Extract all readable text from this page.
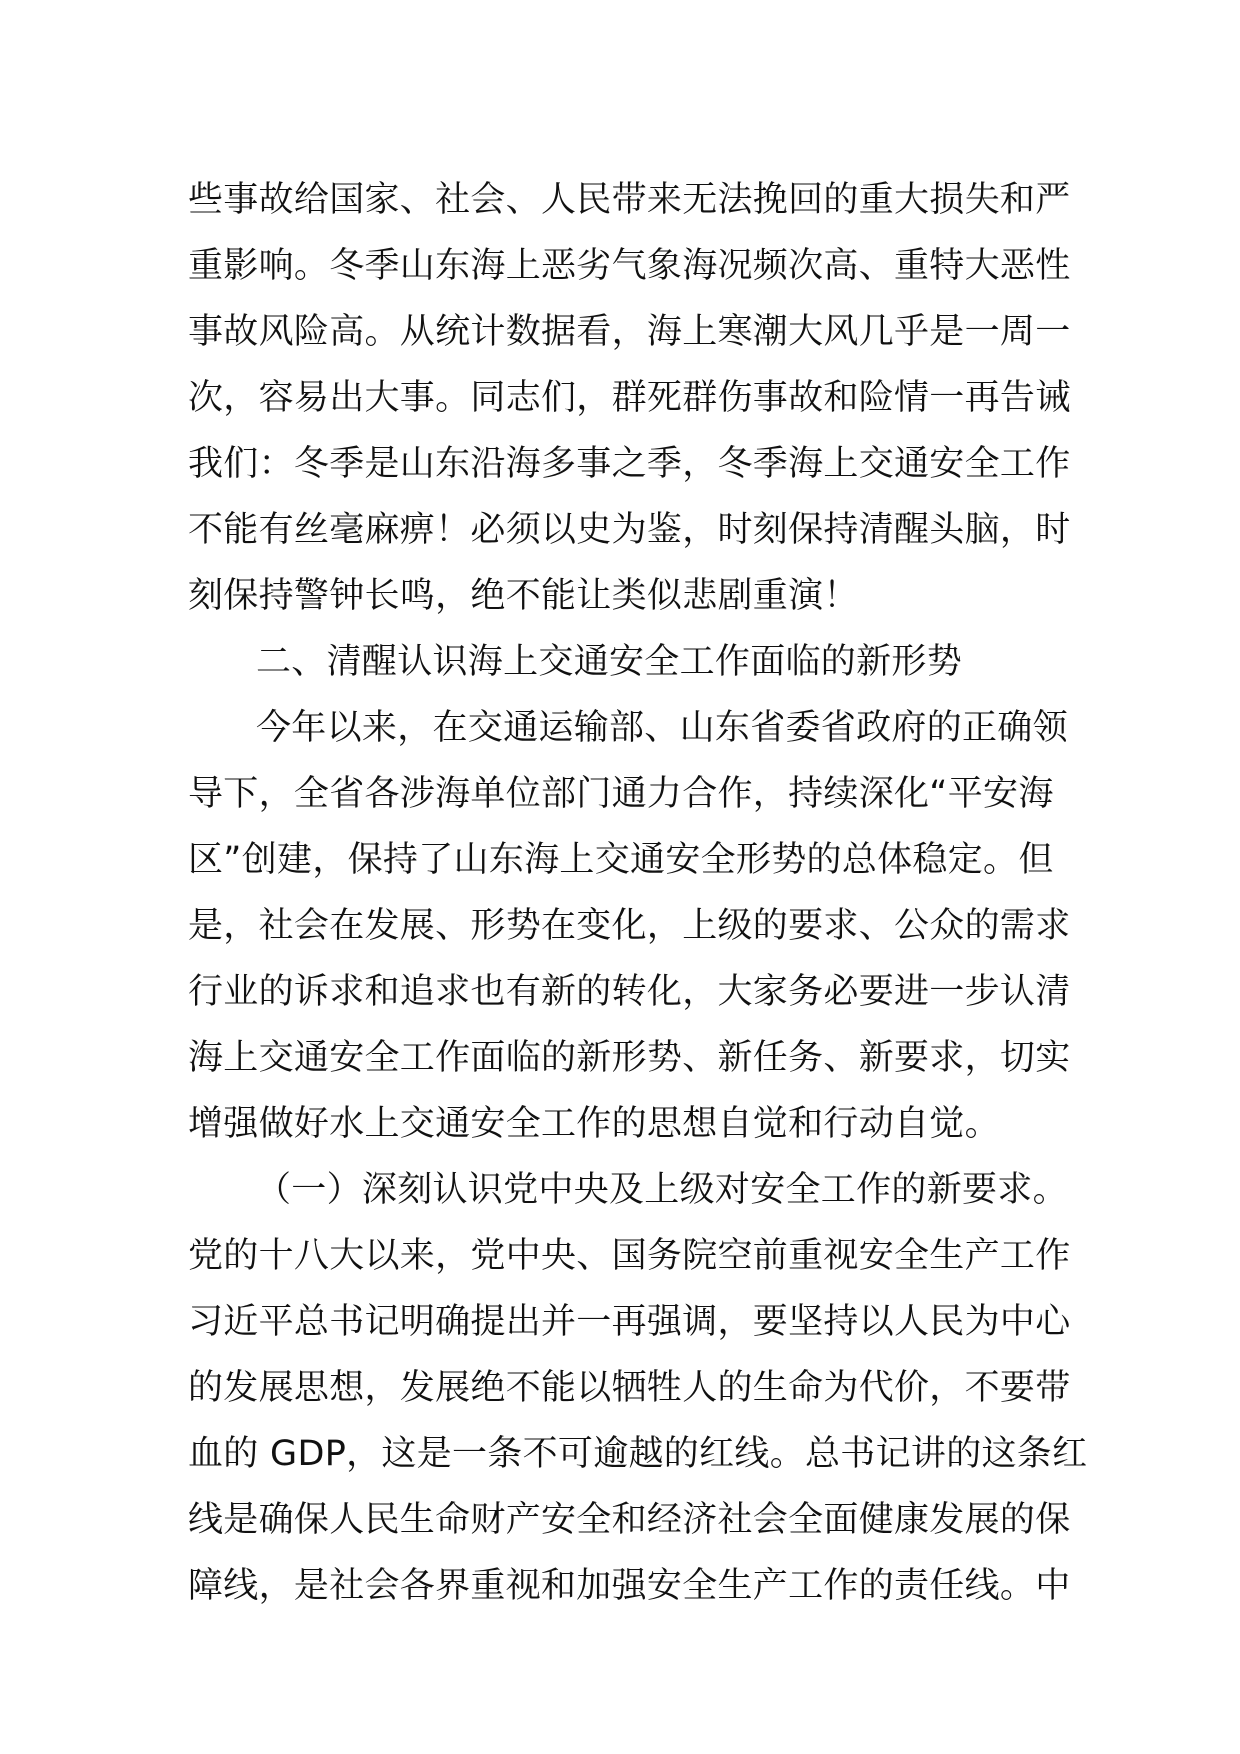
些事故给国家、社会、人民带来无法挽回的重大损失和严
重影响。冬季山东海上恶劣气象海况频次高、重特大恶性
事故风险高。从统计数据看，海上寒潮大风几乎是一周一
次，容易出大事。同志们，群死群伤事故和险情一再告诫
我们：冬季是山东沿海多事之季，冬季海上交通安全工作
不能有丝毫麻痹！必须以史为鉴，时刻保持清醒头脑，时
刻保持警钟长鸣，绝不能让类似悲剧重演！
二、清醒认识海上交通安全工作面临的新形势
今年以来，在交通运输部、山东省委省政府的正确领
导下，全省各涉海单位部门通力合作，持续深化“平安海
区”创建，保持了山东海上交通安全形势的总体稳定。但
是，社会在发展、形势在变化，上级的要求、公众的需求
行业的诉求和追求也有新的转化，大家务必要进一步认清
海上交通安全工作面临的新形势、新任务、新要求，切实
增强做好水上交通安全工作的思想自觉和行动自觉。
（一）深刻认识党中央及上级对安全工作的新要求。
党的十八大以来，党中央、国务院空前重视安全生产工作
习近平总书记明确提出并一再强调，要坚持以人民为中心
的发展思想，发展绝不能以牺牲人的生命为代价，不要带
血的 GDP，这是一条不可逾越的红线。总书记讲的这条红
线是确保人民生命财产安全和经济社会全面健康发展的保
障线，是社会各界重视和加强安全生产工作的责任线。中
